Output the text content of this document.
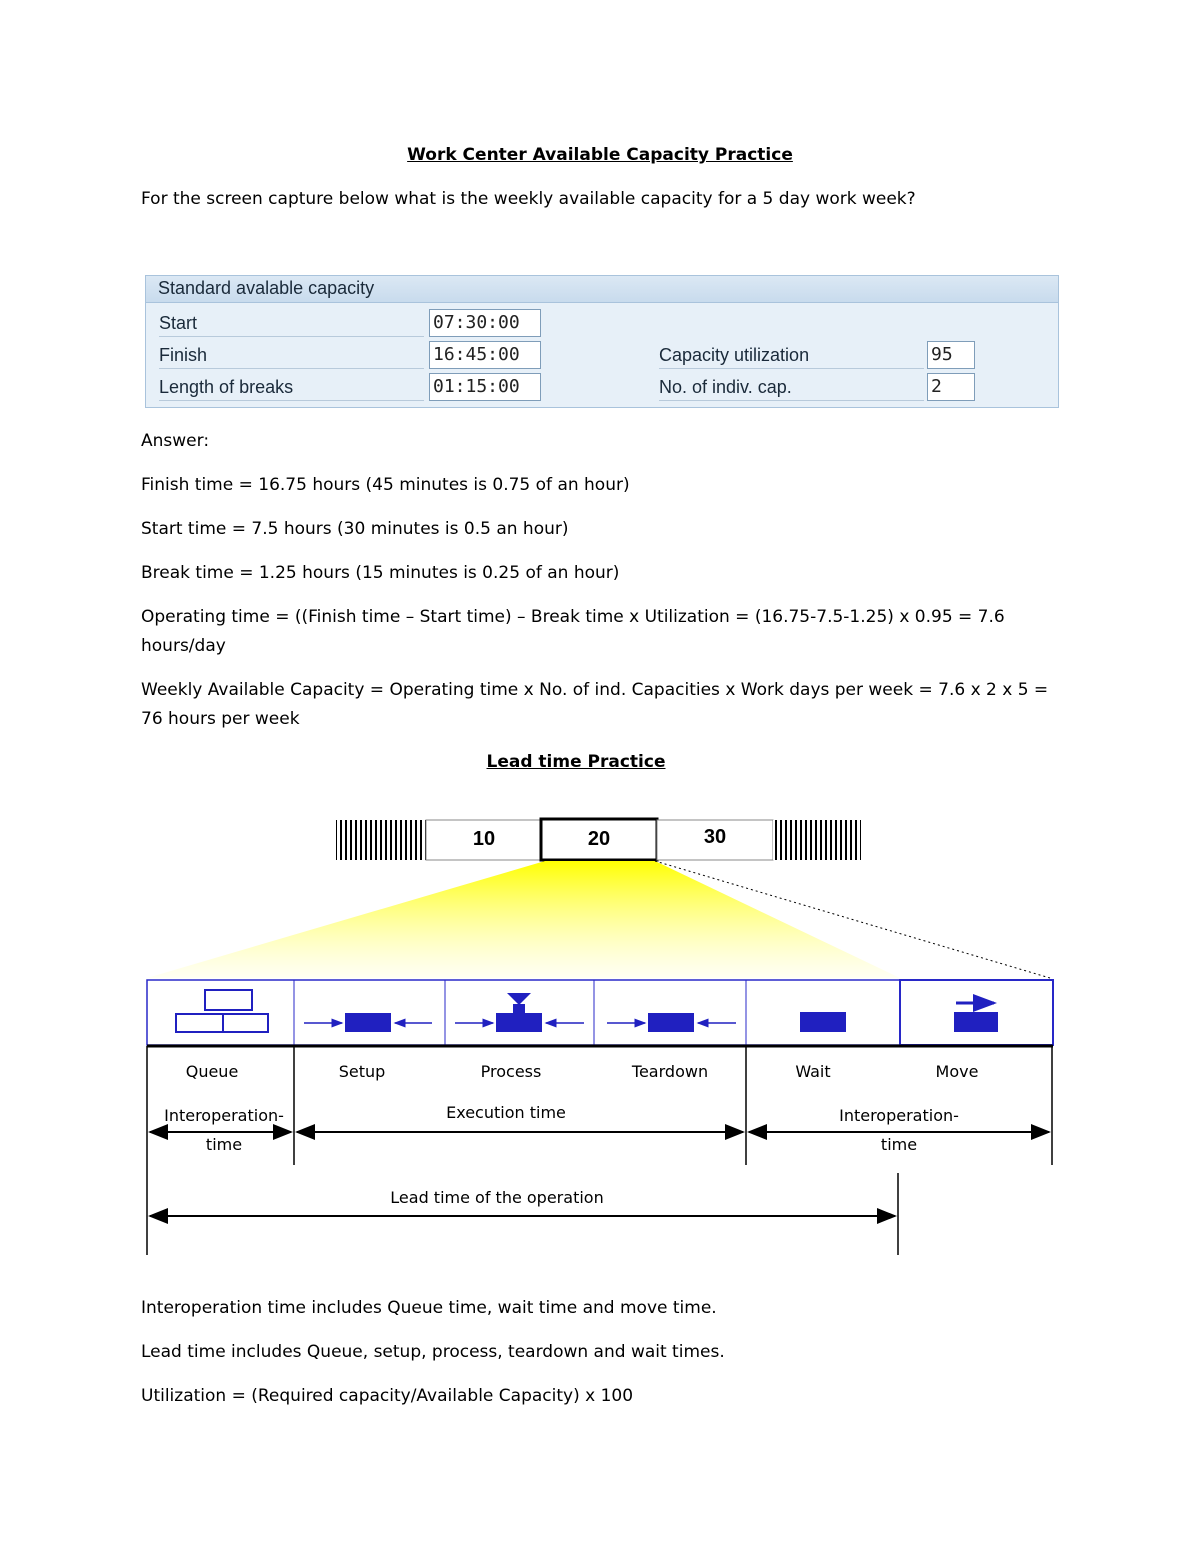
Work Center Available Capacity Practice
For the screen capture below what is the weekly available capacity for a 5 day work week?
Standard avalable capacity
Start	07:30:00
Finish	16:45:00
Length of breaks	01:15:00
Capacity utilization	95
No. of indiv. cap.	2
Answer:
Finish time = 16.75 hours (45 minutes is 0.75 of an hour)
Start time = 7.5 hours (30 minutes is 0.5 an hour)
Break time = 1.25 hours (15 minutes is 0.25 of an hour)
Operating time = ((Finish time – Start time) – Break time x Utilization = (16.75-7.5-1.25) x 0.95 = 7.6 hours/day
Weekly Available Capacity = Operating time x No. of ind. Capacities x Work days per week = 7.6 x 2 x 5 = 76 hours per week
Lead time Practice
10	20	30
Queue	Setup	Process	Teardown	Wait	Move
Interoperation-
time
Execution time	Interoperation-
time
Lead time of the operation
Interoperation time includes Queue time, wait time and move time.
Lead time includes Queue, setup, process, teardown and wait times.
Utilization = (Required capacity/Available Capacity) x 100
